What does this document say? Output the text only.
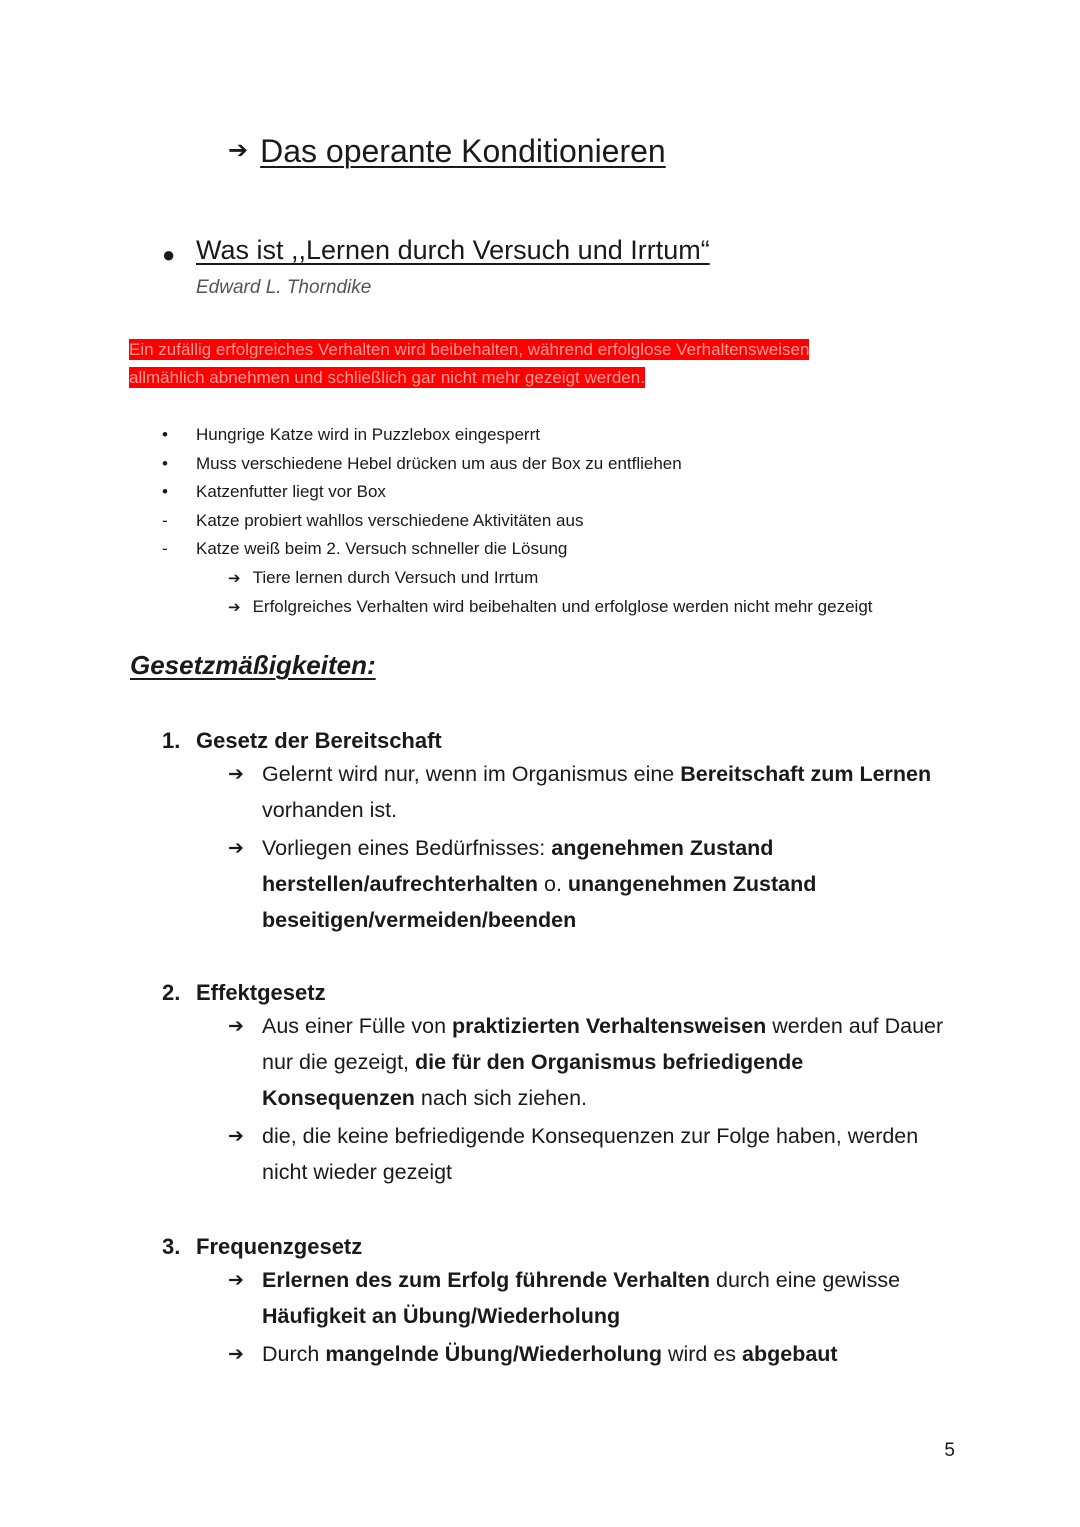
➔ Das operante Konditionieren
● Was ist ,,Lernen durch Versuch und Irrtum“
Edward L. Thorndike
Ein zufällig erfolgreiches Verhalten wird beibehalten, während erfolglose Verhaltensweisen
allmählich abnehmen und schließlich gar nicht mehr gezeigt werden.
•	Hungrige Katze wird in Puzzlebox eingesperrt
•	Muss verschiedene Hebel drücken um aus der Box zu entfliehen
•	Katzenfutter liegt vor Box
-	Katze probiert wahllos verschiedene Aktivitäten aus
-	Katze weiß beim 2. Versuch schneller die Lösung
➔ Tiere lernen durch Versuch und Irrtum
➔ Erfolgreiches Verhalten wird beibehalten und erfolglose werden nicht mehr gezeigt
Gesetzmäßigkeiten:
1. Gesetz der Bereitschaft
➔ Gelernt wird nur, wenn im Organismus eine Bereitschaft zum Lernen vorhanden ist.
➔ Vorliegen eines Bedürfnisses: angenehmen Zustand herstellen/aufrechterhalten o. unangenehmen Zustand beseitigen/vermeiden/beenden
2. Effektgesetz
➔ Aus einer Fülle von praktizierten Verhaltensweisen werden auf Dauer nur die gezeigt, die für den Organismus befriedigende Konsequenzen nach sich ziehen.
➔ die, die keine befriedigende Konsequenzen zur Folge haben, werden nicht wieder gezeigt
3. Frequenzgesetz
➔ Erlernen des zum Erfolg führende Verhalten durch eine gewisse Häufigkeit an Übung/Wiederholung
➔ Durch mangelnde Übung/Wiederholung wird es abgebaut
5
